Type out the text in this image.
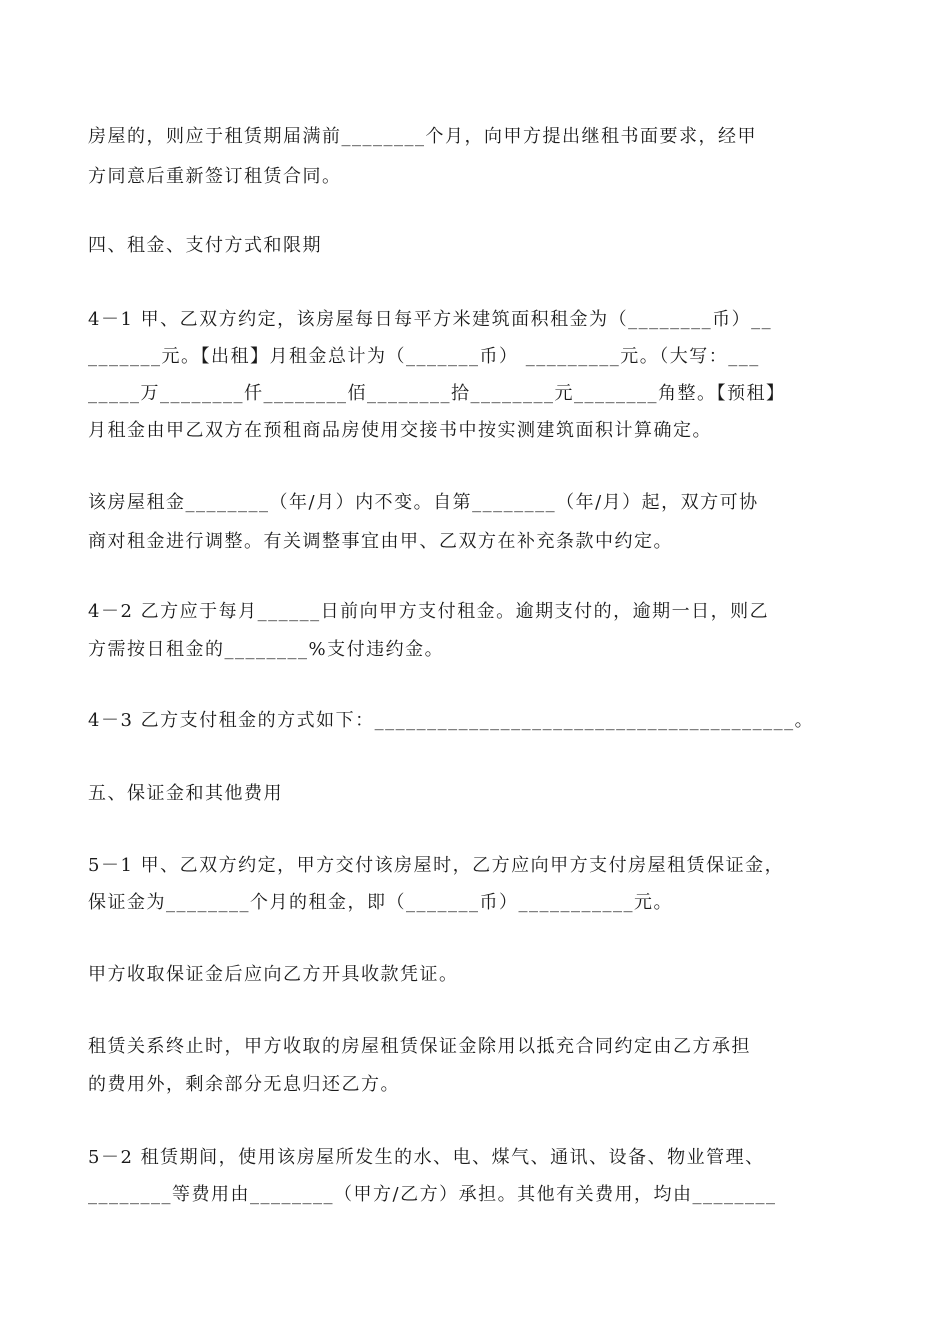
房屋的，则应于租赁期届满前________个月，向甲方提出继租书面要求，经甲
方同意后重新签订租赁合同。
四、租金、支付方式和限期
4－1 甲、乙双方约定，该房屋每日每平方米建筑面积租金为（________币）__
_______元。【出租】月租金总计为（_______币） _________元。（大写：___
_____万________仟________佰________拾________元________角整。【预租】
月租金由甲乙双方在预租商品房使用交接书中按实测建筑面积计算确定。
该房屋租金________（年/月）内不变。自第________（年/月）起，双方可协
商对租金进行调整。有关调整事宜由甲、乙双方在补充条款中约定。
4－2 乙方应于每月______日前向甲方支付租金。逾期支付的，逾期一日，则乙
方需按日租金的________%支付违约金。
4－3 乙方支付租金的方式如下：________________________________________。
五、保证金和其他费用
5－1 甲、乙双方约定，甲方交付该房屋时，乙方应向甲方支付房屋租赁保证金，
保证金为________个月的租金，即（_______币）___________元。
甲方收取保证金后应向乙方开具收款凭证。
租赁关系终止时，甲方收取的房屋租赁保证金除用以抵充合同约定由乙方承担
的费用外，剩余部分无息归还乙方。
5－2 租赁期间，使用该房屋所发生的水、电、煤气、通讯、设备、物业管理、
________等费用由________（甲方/乙方）承担。其他有关费用，均由________
